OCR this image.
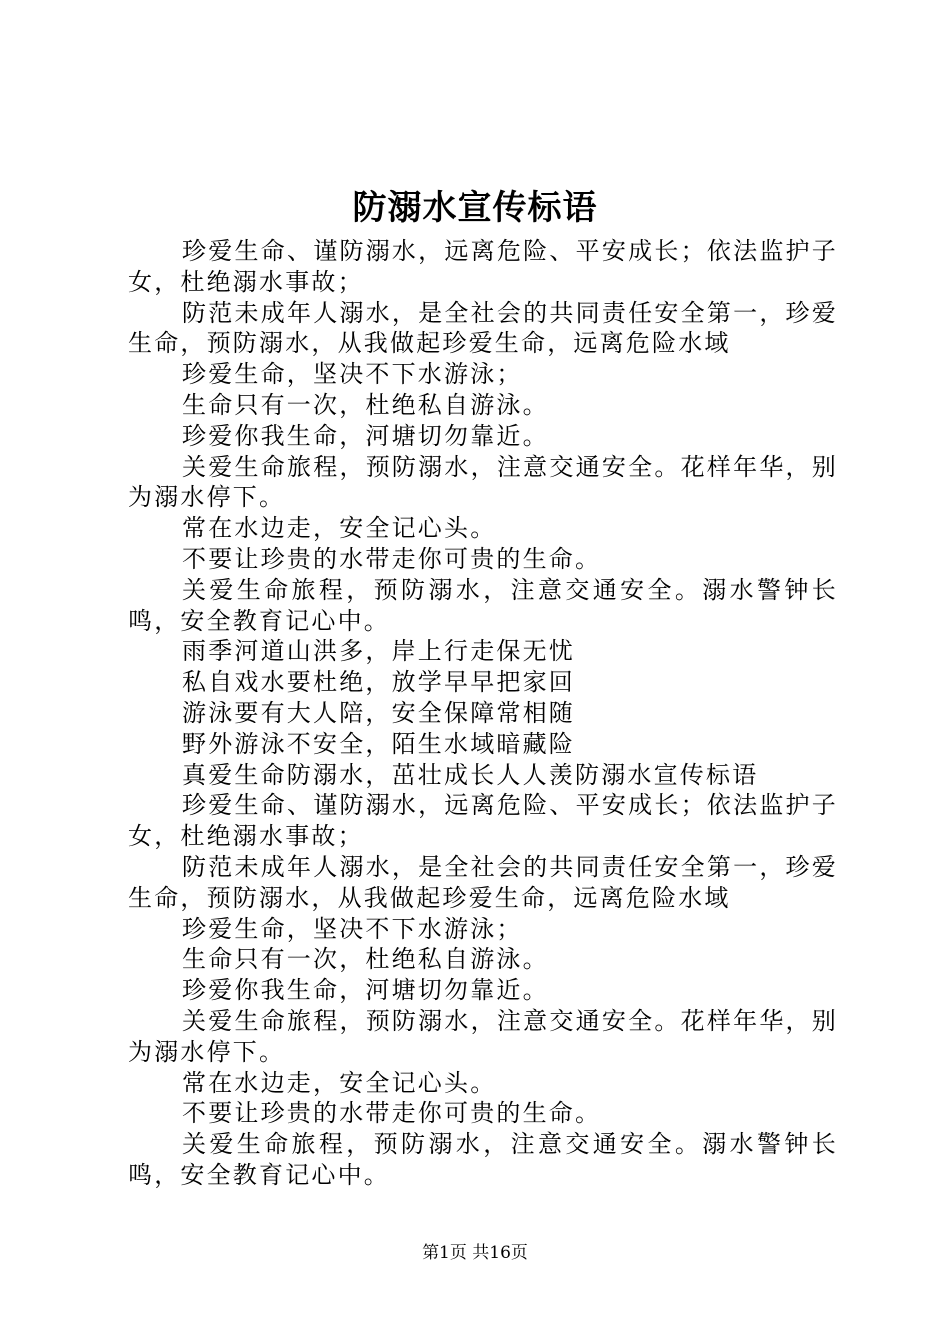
防溺水宣传标语

珍爱生命、谨防溺水，远离危险、平安成长；依法监护子女，杜绝溺水事故；

防范未成年人溺水，是全社会的共同责任安全第一，珍爱生命，预防溺水，从我做起珍爱生命，远离危险水域

珍爱生命，坚决不下水游泳；

生命只有一次，杜绝私自游泳。

珍爱你我生命，河塘切勿靠近。

关爱生命旅程，预防溺水，注意交通安全。花样年华，别为溺水停下。

常在水边走，安全记心头。

不要让珍贵的水带走你可贵的生命。

关爱生命旅程，预防溺水，注意交通安全。溺水警钟长鸣，安全教育记心中。

雨季河道山洪多，岸上行走保无忧

私自戏水要杜绝，放学早早把家回

游泳要有大人陪，安全保障常相随

野外游泳不安全，陌生水域暗藏险

真爱生命防溺水，茁壮成长人人羡防溺水宣传标语

珍爱生命、谨防溺水，远离危险、平安成长；依法监护子女，杜绝溺水事故；

防范未成年人溺水，是全社会的共同责任安全第一，珍爱生命，预防溺水，从我做起珍爱生命，远离危险水域

珍爱生命，坚决不下水游泳；

生命只有一次，杜绝私自游泳。

珍爱你我生命，河塘切勿靠近。

关爱生命旅程，预防溺水，注意交通安全。花样年华，别为溺水停下。

常在水边走，安全记心头。

不要让珍贵的水带走你可贵的生命。

关爱生命旅程，预防溺水，注意交通安全。溺水警钟长鸣，安全教育记心中。

第1页 共16页
